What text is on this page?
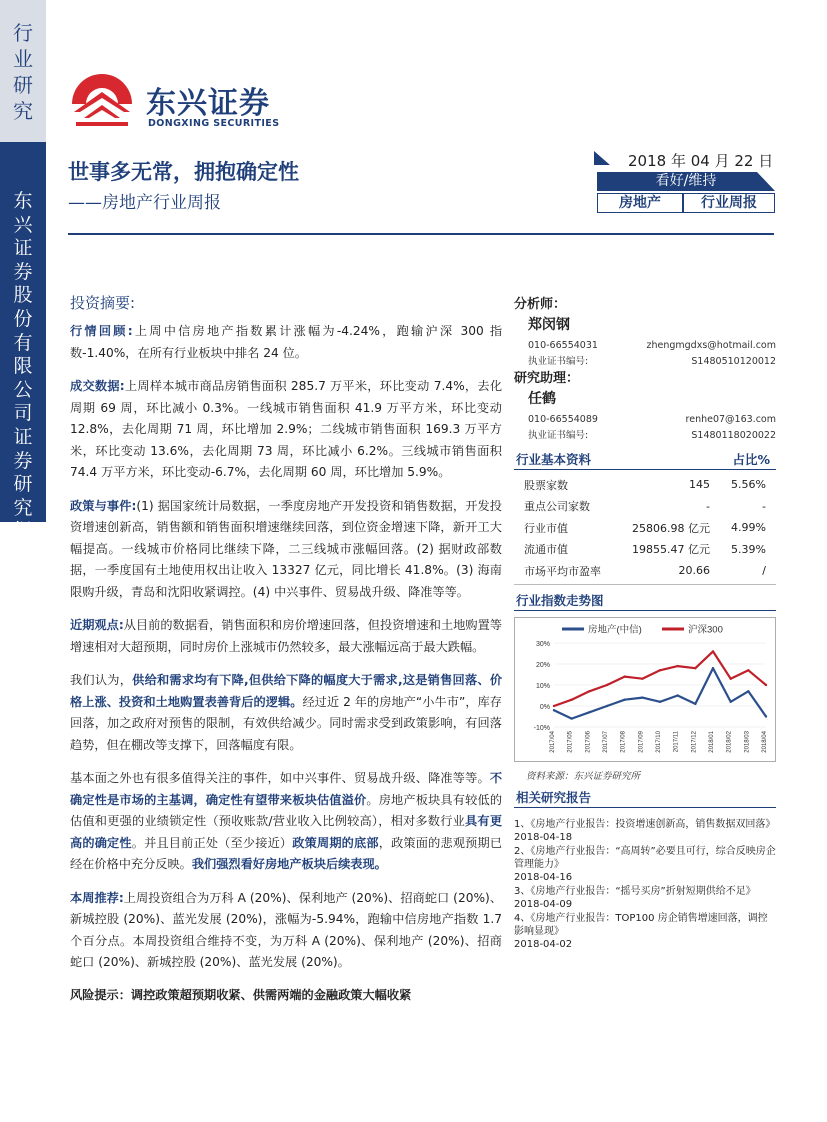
行业研究
东兴证券股份有限公司证券研究报告
东兴证券
DONGXING SECURITIES
世事多无常，拥抱确定性
——房地产行业周报
2018 年 04 月 22 日
看好/维持
房地产	行业周报
投资摘要:

行情回顾:上周中信房地产指数累计涨幅为-4.24%，跑输沪深 300 指数-1.40%，在所有行业板块中排名 24 位。

成交数据:上周样本城市商品房销售面积 285.7 万平米，环比变动 7.4%，去化周期 69 周，环比减小 0.3%。一线城市销售面积 41.9 万平方米，环比变动 12.8%，去化周期 71 周，环比增加 2.9%；二线城市销售面积 169.3 万平方米，环比变动 13.6%，去化周期 73 周，环比减小 6.2%。三线城市销售面积 74.4 万平方米，环比变动-6.7%，去化周期 60 周，环比增加 5.9%。

政策与事件:(1) 据国家统计局数据，一季度房地产开发投资和销售数据，开发投资增速创新高，销售额和销售面积增速继续回落，到位资金增速下降，新开工大幅提高。一线城市价格同比继续下降，二三线城市涨幅回落。(2) 据财政部数据，一季度国有土地使用权出让收入 13327 亿元，同比增长 41.8%。(3) 海南限购升级，青岛和沈阳收紧调控。(4) 中兴事件、贸易战升级、降准等等。

近期观点:从目前的数据看，销售面积和房价增速回落，但投资增速和土地购置等增速相对大超预期，同时房价上涨城市仍然较多，最大涨幅远高于最大跌幅。

我们认为，供给和需求均有下降,但供给下降的幅度大于需求,这是销售回落、价格上涨、投资和土地购置表善背后的逻辑。经过近 2 年的房地产“小牛市”，库存回落，加之政府对预售的限制，有效供给减少。同时需求受到政策影响，有回落趋势，但在棚改等支撑下，回落幅度有限。

基本面之外也有很多值得关注的事件，如中兴事件、贸易战升级、降准等等。不确定性是市场的主基调，确定性有望带来板块估值溢价。房地产板块具有较低的估值和更强的业绩锁定性（预收账款/营业收入比例较高），相对多数行业具有更高的确定性。并且目前正处（至少接近）政策周期的底部，政策面的悲观预期已经在价格中充分反映。我们强烈看好房地产板块后续表现。

本周推荐:上周投资组合为万科 A (20%)、保利地产 (20%)、招商蛇口 (20%)、新城控股 (20%)、蓝光发展 (20%)，涨幅为-5.94%，跑输中信房地产指数 1.7 个百分点。本周投资组合维持不变，为万科 A (20%)、保利地产 (20%)、招商蛇口 (20%)、新城控股 (20%)、蓝光发展 (20%)。

风险提示：调控政策超预期收紧、供需两端的金融政策大幅收紧

分析师：

郑闵钢

010-66554031	zhengmgdxs@hotmail.com
执业证书编号:	S1480510120012

研究助理：

任鹤

010-66554089	renhe07@163.com
执业证书编号:	S1480118020022
行业基本资料	占比%
股票家数	145	5.56%
重点公司家数	-	-
行业市值	25806.98 亿元	4.99%
流通市值	19855.47 亿元	5.39%
市场平均市盈率	20.66	/
行业指数走势图
30%
20%
10%
0%
-10%
2017/04 2017/05 2017/06 2017/07 2017/08 2017/09 2017/10 2017/11 2017/12 2018/01 2018/02 2018/03 2018/04
房地产(中信)	沪深300
资料来源：东兴证券研究所
相关研究报告
1、《房地产行业报告：投资增速创新高，销售数据双回落》
2018-04-18
2、《房地产行业报告：“高周转”必要且可行，综合反映房企管理能力》
2018-04-16
3、《房地产行业报告：“摇号买房”折射短期供给不足》
2018-04-09
4、《房地产行业报告：TOP100 房企销售增速回落，调控影响显现》
2018-04-02
